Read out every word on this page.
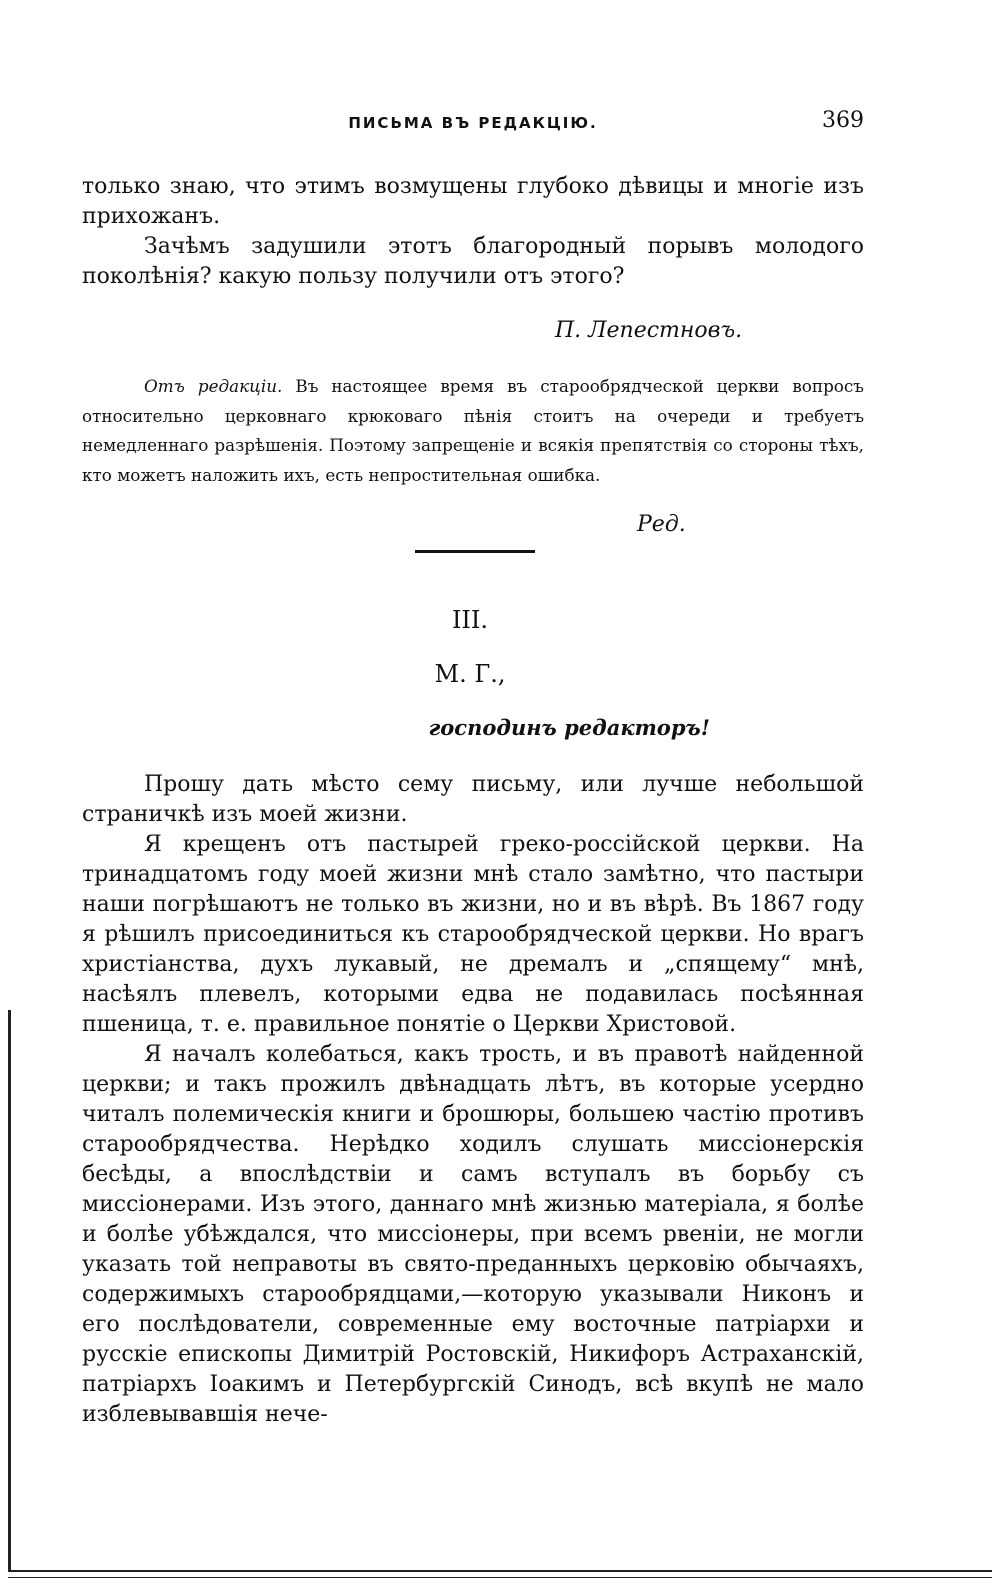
ПИСЬМА ВЪ РЕДАКЦІЮ.	369

только знаю, что этимъ возмущены глубоко дѣвицы и многіе изъ прихожанъ.

Зачѣмъ задушили этотъ благородный порывъ молодого поколѣнія? какую пользу получили отъ этого?

П. Лепестновъ.

Отъ редакціи. Въ настоящее время въ старообрядческой церкви вопросъ относительно церковнаго крюковаго пѣнія стоитъ на очереди и требуетъ немедленнаго разрѣшенія. Поэтому запрещеніе и всякія препятствія со стороны тѣхъ, кто можетъ наложить ихъ, есть непростительная ошибка.

Ред.
III.
М. Г.,
господинъ редакторъ!

Прошу дать мѣсто сему письму, или лучше небольшой страничкѣ изъ моей жизни.

Я крещенъ отъ пастырей греко-россійской церкви. На тринадцатомъ году моей жизни мнѣ стало замѣтно, что пастыри наши погрѣшаютъ не только въ жизни, но и въ вѣрѣ. Въ 1867 году я рѣшилъ присоединиться къ старообрядческой церкви. Но врагъ христіанства, духъ лукавый, не дремалъ и „спящему“ мнѣ, насѣялъ плевелъ, которыми едва не подавилась посѣянная пшеница, т. е. правильное понятіе о Церкви Христовой.

Я началъ колебаться, какъ трость, и въ правотѣ найденной церкви; и такъ прожилъ двѣнадцать лѣтъ, въ которые усердно читалъ полемическія книги и брошюры, большею частію противъ старообрядчества. Нерѣдко ходилъ слушать миссіонерскія бесѣды, а впослѣдствіи и самъ вступалъ въ борьбу съ миссіонерами. Изъ этого, даннаго мнѣ жизнью матеріала, я болѣе и болѣе убѣждался, что миссіонеры, при всемъ рвеніи, не могли указать той неправоты въ свято-преданныхъ церковію обычаяхъ, содержимыхъ старообрядцами,—которую указывали Никонъ и его послѣдователи, современные ему восточные патріархи и русскіе епископы Димитрій Ростовскій, Никифоръ Астраханскій, патріархъ Іоакимъ и Петербургскій Синодъ, всѣ вкупѣ не мало изблевывавшія нече-
